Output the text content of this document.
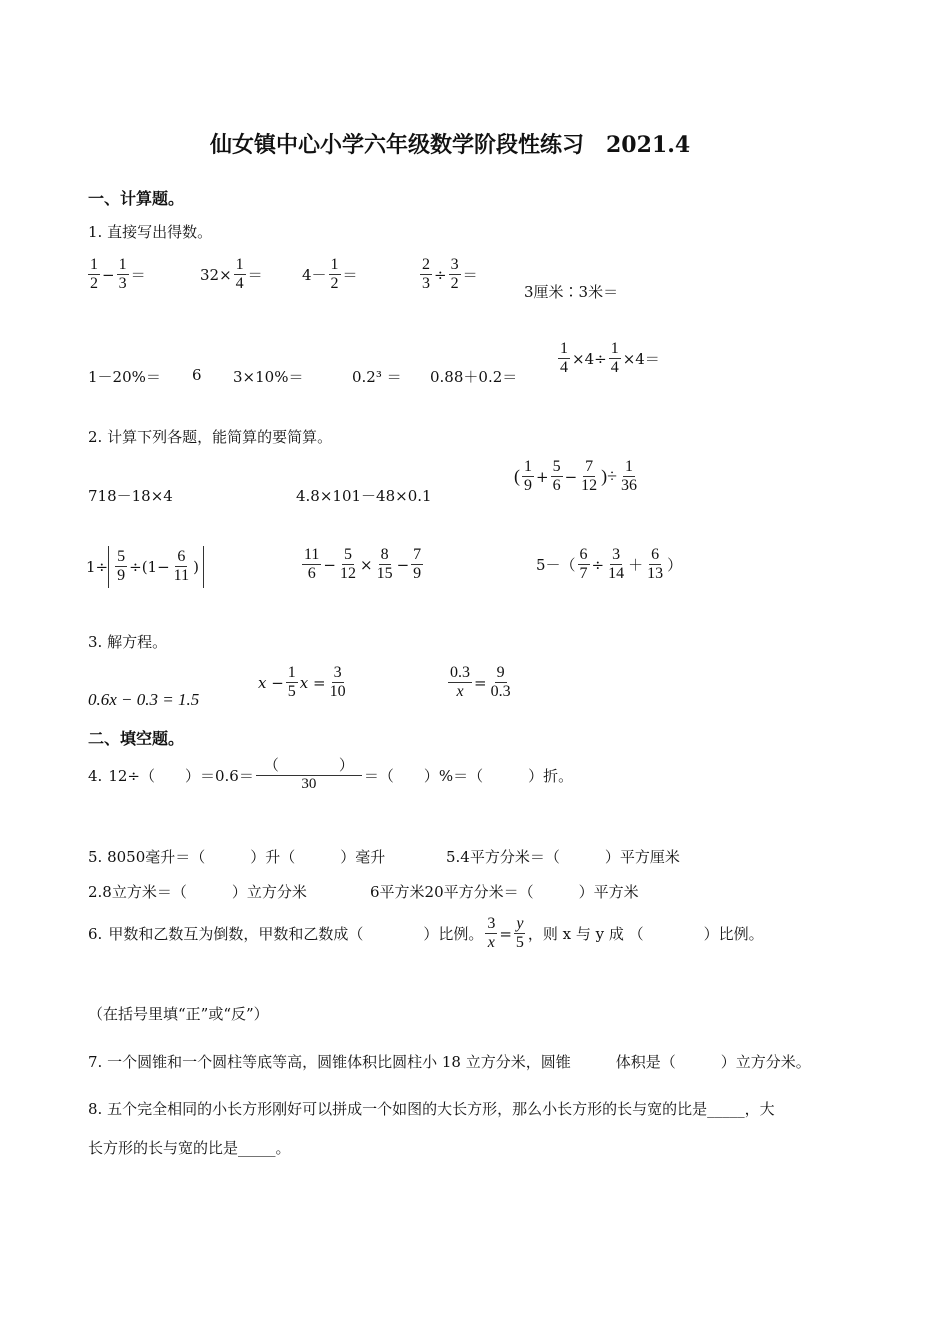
仙女镇中心小学六年级数学阶段性练习　2021.4
一、计算题。
1. 直接写出得数。
$\frac{1}{2} - \frac{1}{3}$ ＝	$32\times \frac{1}{4}$ ＝	$4- \frac{1}{2}$ ＝	$\frac{2}{3} \div \frac{3}{2}$ ＝
3厘米∶3米＝
1－20%＝ 6 3×10%＝	0.2³ ＝ 0.88＋0.2＝	$\frac{1}{4} \times 4\div \frac{1}{4} \times 4=$
2. 计算下列各题，能简算的要简算。
718－18×4	4.8×101－48×0.1
( $\frac{1}{9} + \frac{5}{6} - \frac{7}{12}$ )÷ $\frac{1}{36}$
$1\div \frac{5}{9} \div(1- \frac{6}{11}$ )	$\frac{11}{6} - \frac{5}{12} \times \frac{8}{15} - \frac{7}{9}$	$5-( \frac{6}{7} \div \frac{3}{14} + \frac{6}{13}$ ）
3. 解方程。
0.6x − 0.3 = 1.5
$x - \frac{1}{5}$ $x = \frac{3}{10}$	$\frac{0.3}{x} = \frac{9}{0.3}$
二、填空题。
4. 12÷（　　）$=0.6= \frac{( )}{30}$ ＝（　　）%＝（　　　）折。
5. 8050毫升＝（　　　）升（　　　）毫升	5.4平方分米＝（　　　）平方厘米
2.8立方米＝（　　　）立方分米	6平方米20平方分米＝（　　　）平方米
6. 甲数和乙数互为倒数，甲数和乙数成（　　　　）比例。 $\frac{3}{x} = \frac{y}{5}$ ，则 x 与 y 成 （　　　　）比例。
（在括号里填“正”或“反”）
7. 一个圆锥和一个圆柱等底等高，圆锥体积比圆柱小 18 立方分米，圆锥　　　体积是（　　　）立方分米。
8. 五个完全相同的小长方形刚好可以拼成一个如图的大长方形，那么小长方形的长与宽的比是_____，大
长方形的长与宽的比是_____。
